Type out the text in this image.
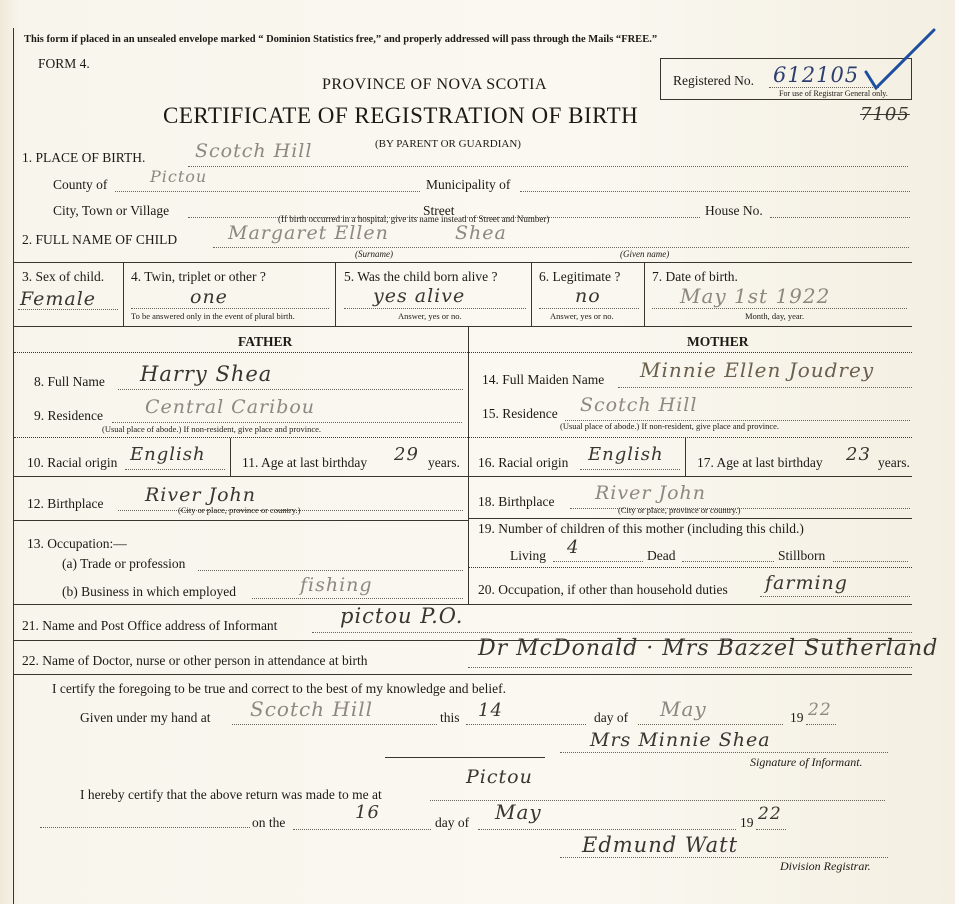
This form if placed in an unsealed envelope marked “ Dominion Statistics free,” and properly addressed will pass through the Mails “FREE.”
FORM 4.
PROVINCE OF NOVA SCOTIA	Registered No. 612105
For use of Registrar General only.
CERTIFICATE OF REGISTRATION OF BIRTH	7105
(BY PARENT OR GUARDIAN)
1. PLACE OF BIRTH.	Scotch Hill
County of	Pictou	Municipality of
City, Town or Village	Street	House No.
(If birth occurred in a hospital, give its name instead of Street and Number)
2. FULL NAME OF CHILD	Margaret Ellen	Shea
(Surname)	(Given name)
3. Sex of child.
Female
4. Twin, triplet or other ?
one
To be answered only in the event of plural birth.
5. Was the child born alive ?
yes alive
Answer, yes or no.
6. Legitimate ?
no
Answer, yes or no.
7. Date of birth.
May 1st 1922
Month, day, year.
FATHER	MOTHER
8. Full Name Harry Shea
9. Residence Central Caribou
(Usual place of abode.) If non-resident, give place and province.
10. Racial origin English	11. Age at last birthday 29 years.
12. Birthplace River John
(City or place, province or country.)
13. Occupation:—
(a) Trade or profession
(b) Business in which employed	fishing
14. Full Maiden Name Minnie Ellen Joudrey
15. Residence Scotch Hill
(Usual place of abode.) If non-resident, give place and province.
16. Racial origin English 17. Age at last birthday 23 years.
18. Birthplace River John
(City or place, province or country.)
19. Number of children of this mother (including this child.)
Living 4	Dead	Stillborn
20. Occupation, if other than household duties farming
21. Name and Post Office address of Informant	pictou P.O.
22. Name of Doctor, nurse or other person in attendance at birth	Dr McDonald · Mrs Bazzel Sutherland
I certify the foregoing to be true and correct to the best of my knowledge and belief.
Given under my hand at Scotch Hill	this 14	day of May	19 22
Mrs Minnie Shea
Signature of Informant.
I hereby certify that the above return was made to me at
Pictou
on the	16	day of May	19 22
Edmund Watt
Division Registrar.
